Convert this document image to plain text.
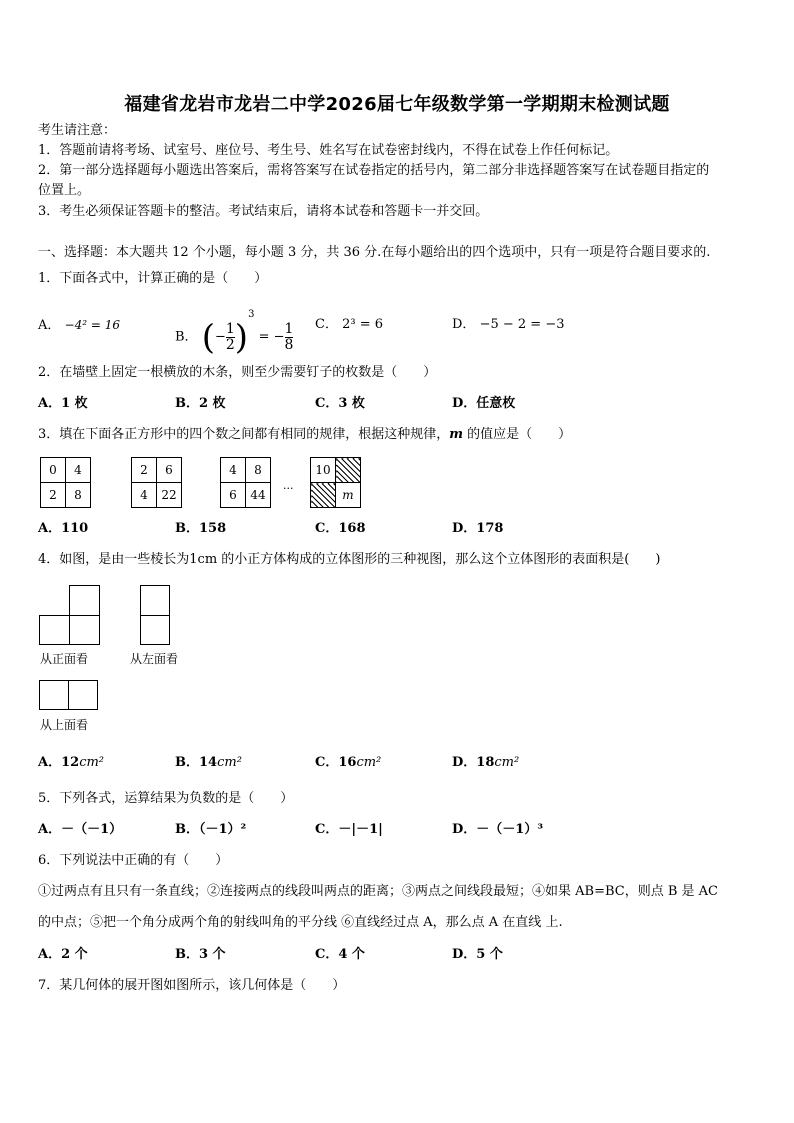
福建省龙岩市龙岩二中学2026届七年级数学第一学期期末检测试题
考生请注意：
1．答题前请将考场、试室号、座位号、考生号、姓名写在试卷密封线内，不得在试卷上作任何标记。
2．第一部分选择题每小题选出答案后，需将答案写在试卷指定的括号内，第二部分非选择题答案写在试卷题目指定的
位置上。
3．考生必须保证答题卡的整洁。考试结束后，请将本试卷和答题卡一并交回。
一、选择题：本大题共 12 个小题，每小题 3 分，共 36 分.在每小题给出的四个选项中，只有一项是符合题目要求的.
1．下面各式中，计算正确的是（　　）
A． −4² = 16
B． (− $\frac{1}{2} )^3$ = − $\frac{1}{8}$ C． 2³ = 6	D． −5 − 2 = −3
2．在墙壁上固定一根横放的木条，则至少需要钉子的枚数是（　　）
A．1 枚	B．2 枚	C．3 枚	D．任意枚
3．填在下面各正方形中的四个数之间都有相同的规律，根据这种规律，m 的值应是（　　）
0	4
2	8
2	6
4	22
4	8
6	44 ···
10	
	m
A．110	B．158	C．168	D．178
4．如图，是由一些棱长为1cm 的小正方体构成的立体图形的三种视图，那么这个立体图形的表面积是(　　)
从正面看	从左面看
从上面看
A．12cm²	B．14cm²	C．16cm²	D．18cm²
5．下列各式，运算结果为负数的是（　　）
A．－（－1）	B．（－1）²	C．－|－1|	D．－（－1）³
6．下列说法中正确的有（　　）
①过两点有且只有一条直线；②连接两点的线段叫两点的距离；③两点之间线段最短；④如果 AB=BC，则点 B 是 AC
的中点；⑤把一个角分成两个角的射线叫角的平分线 ⑥直线经过点 A，那么点 A 在直线 上.
A．2 个	B．3 个	C．4 个	D．5 个
7．某几何体的展开图如图所示，该几何体是（　　）
